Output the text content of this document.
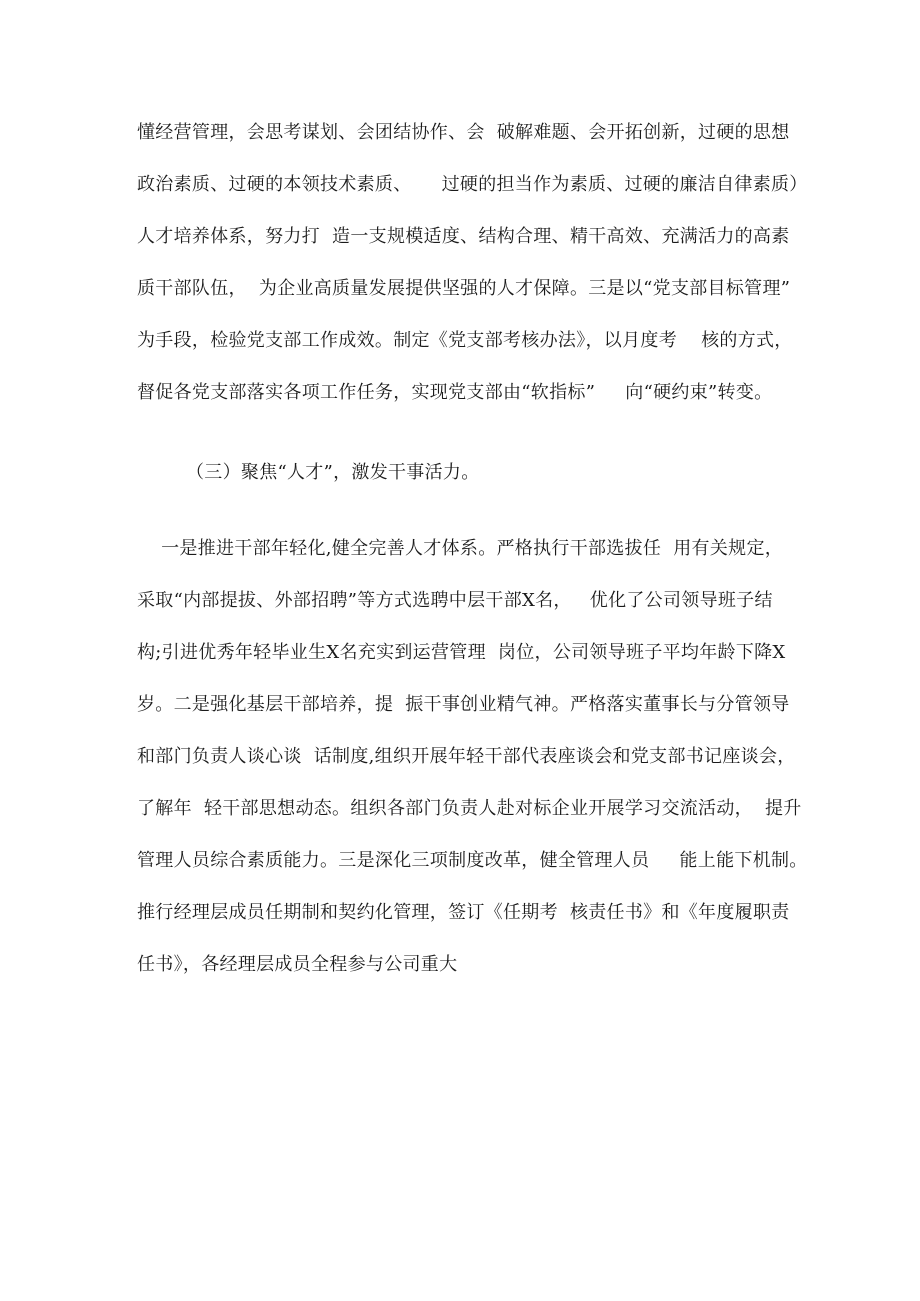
懂经营管理，会思考谋划、会团结协作、会  破解难题、会开拓创新，过硬的思想
政治素质、过硬的本领技术素质、     过硬的担当作为素质、过硬的廉洁自律素质）
人才培养体系，努力打  造一支规模适度、结构合理、精干高效、充满活力的高素
质干部队伍，  为企业高质量发展提供坚强的人才保障。三是以“党支部目标管理”
为手段，检验党支部工作成效。制定《党支部考核办法》，以月度考    核的方式，
督促各党支部落实各项工作任务，实现党支部由“软指标”     向“硬约束”转变。
（三）聚焦“人才”，激发干事活力。
一是推进干部年轻化,健全完善人才体系。严格执行干部选拔任  用有关规定，
采取“内部提拔、外部招聘”等方式选聘中层干部X名，   优化了公司领导班子结
构;引进优秀年轻毕业生X名充实到运营管理  岗位，公司领导班子平均年龄下降X
岁。二是强化基层干部培养，提  振干事创业精气神。严格落实董事长与分管领导
和部门负责人谈心谈  话制度,组织开展年轻干部代表座谈会和党支部书记座谈会，
了解年  轻干部思想动态。组织各部门负责人赴对标企业开展学习交流活动，  提升
管理人员综合素质能力。三是深化三项制度改革，健全管理人员     能上能下机制。
推行经理层成员任期制和契约化管理，签订《任期考  核责任书》和《年度履职责
任书》，各经理层成员全程参与公司重大
